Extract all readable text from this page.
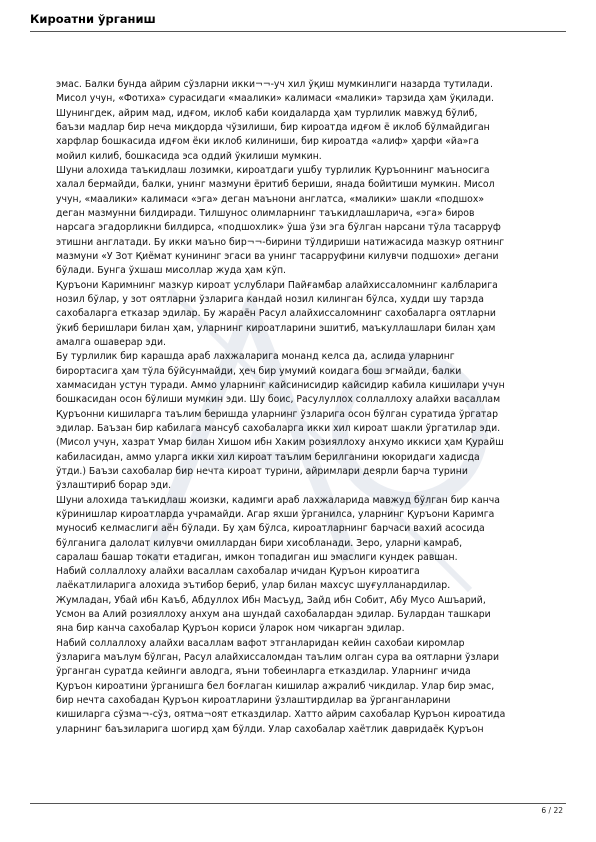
Кироатни ўрганиш
эмас. Балки бунда айрим сўзларни икки¬¬-уч хил ўқиш мумкинлиги назарда тутилади.
Мисол учун, «Фотиха» сурасидаги «маалики» калимаси «малики» тарзида ҳам ўқилади.
Шунингдек, айрим мад, идғом, иклоб каби коидаларда ҳам турлилик мавжуд бўлиб,
баъзи мадлар бир неча миқдорда чўзилиши, бир кироатда идғом ё иклоб бўлмайдиган
харфлар бошкасида идғом ёки иклоб килиниши, бир кироатда «алиф» ҳарфи «йа»га
мойил килиб, бошкасида эса оддий ўкилиши мумкин.
Шуни алохида таъкидлаш лозимки, кироатдаги ушбу турлилик Қуръоннинг маъносига
халал бермайди, балки, унинг мазмуни ёритиб бериши, янада бойитиши мумкин. Мисол
учун, «маалики» калимаси «эга» деган маънони англатса, «малики» шакли «подшох»
деган мазмунни билдиради. Тилшунос олимларнинг таъкидлашларича, «эга» биров
нарсага эгадорликни билдирса, «подшохлик» ўша ўзи эга бўлган нарсани тўла тасарруф
этишни англатади. Бу икки маъно бир¬¬-бирини тўлдириши натижасида мазкур оятнинг
мазмуни «У Зот Қиёмат кунининг эгаси ва унинг тасарруфини килувчи подшохи» дегани
бўлади. Бунга ўхшаш мисоллар жуда ҳам кўп.
Қуръони Каримнинг мазкур кироат услублари Пайғамбар алайхиссаломнинг калбларига
нозил бўлар, у зот оятларни ўзларига кандай нозил килинган бўлса, худди шу тарзда
сахобаларга етказар эдилар. Бу жараён Расул алайхиссаломнинг сахобаларга оятларни
ўкиб беришлари билан ҳам, уларнинг кироатларини эшитиб, маъкуллашлари билан ҳам
амалга ошаверар эди.
Бу турлилик бир карашда араб лахжаларига монанд келса да, аслида уларнинг
бирортасига ҳам тўла бўйсунмайди, ҳеч бир умумий коидага бош эгмайди, балки
хаммасидан устун туради. Аммо уларнинг кайсинисидир кайсидир кабила кишилари учун
бошкасидан осон бўлиши мумкин эди. Шу боис, Расулуллох соллаллоху алайхи васаллам
Қуръонни кишиларга таълим беришда уларнинг ўзларига осон бўлган суратида ўргатар
эдилар. Баъзан бир кабилага мансуб сахобаларга икки хил кироат шакли ўргатилар эди.
(Мисол учун, хазрат Умар билан Хишом ибн Хаким розияллоху анхумо иккиси ҳам Қурайш
кабиласидан, аммо уларга икки хил кироат таълим берилганини юкоридаги хадисда
ўтди.) Баъзи сахобалар бир нечта кироат турини, айримлари деярли барча турини
ўзлаштириб борар эди.
Шуни алохида таъкидлаш жоизки, кадимги араб лахжаларида мавжуд бўлган бир канча
кўринишлар кироатларда учрамайди. Агар яхши ўрганилса, уларнинг Қуръони Каримга
муносиб келмаслиги аён бўлади. Бу ҳам бўлса, кироатларнинг барчаси вахий асосида
бўлганига далолат килувчи омиллардан бири хисобланади. Зеро, уларни камраб,
саралаш башар токати етадиган, имкон топадиган иш эмаслиги кундек равшан.
Набий соллаллоху алайхи васаллам сахобалар ичидан Қуръон кироатига
лаёкатлиларига алохида эътибор бериб, улар билан махсус шуғулланардилар.
Жумладан, Убай ибн Каъб, Абдуллох Ибн Масъуд, Зайд ибн Собит, Абу Мусо Ашъарий,
Усмон ва Алий розияллоху анхум ана шундай сахобалардан эдилар. Булардан ташкари
яна бир канча сахобалар Қуръон кориси ўларок ном чикарган эдилар.
Набий соллаллоху алайхи васаллам вафот этганларидан кейин сахобаи киромлар
ўзларига маълум бўлган, Расул алайхиссаломдан таълим олган сура ва оятларни ўзлари
ўрганган суратда кейинги авлодга, яъни тобеинларга етказдилар. Уларнинг ичида
Қуръон кироатини ўрганишга бел боғлаган кишилар ажралиб чикдилар. Улар бир эмас,
бир нечта сахобадан Қуръон кироатларини ўзлаштирдилар ва ўрганганларини
кишиларга сўзма¬-сўз, оятма¬оят етказдилар. Хатто айрим сахобалар Қуръон кироатида
уларнинг баъзиларига шогирд ҳам бўлди. Улар сахобалар хаётлик давридаёк Қуръон
6 / 22
